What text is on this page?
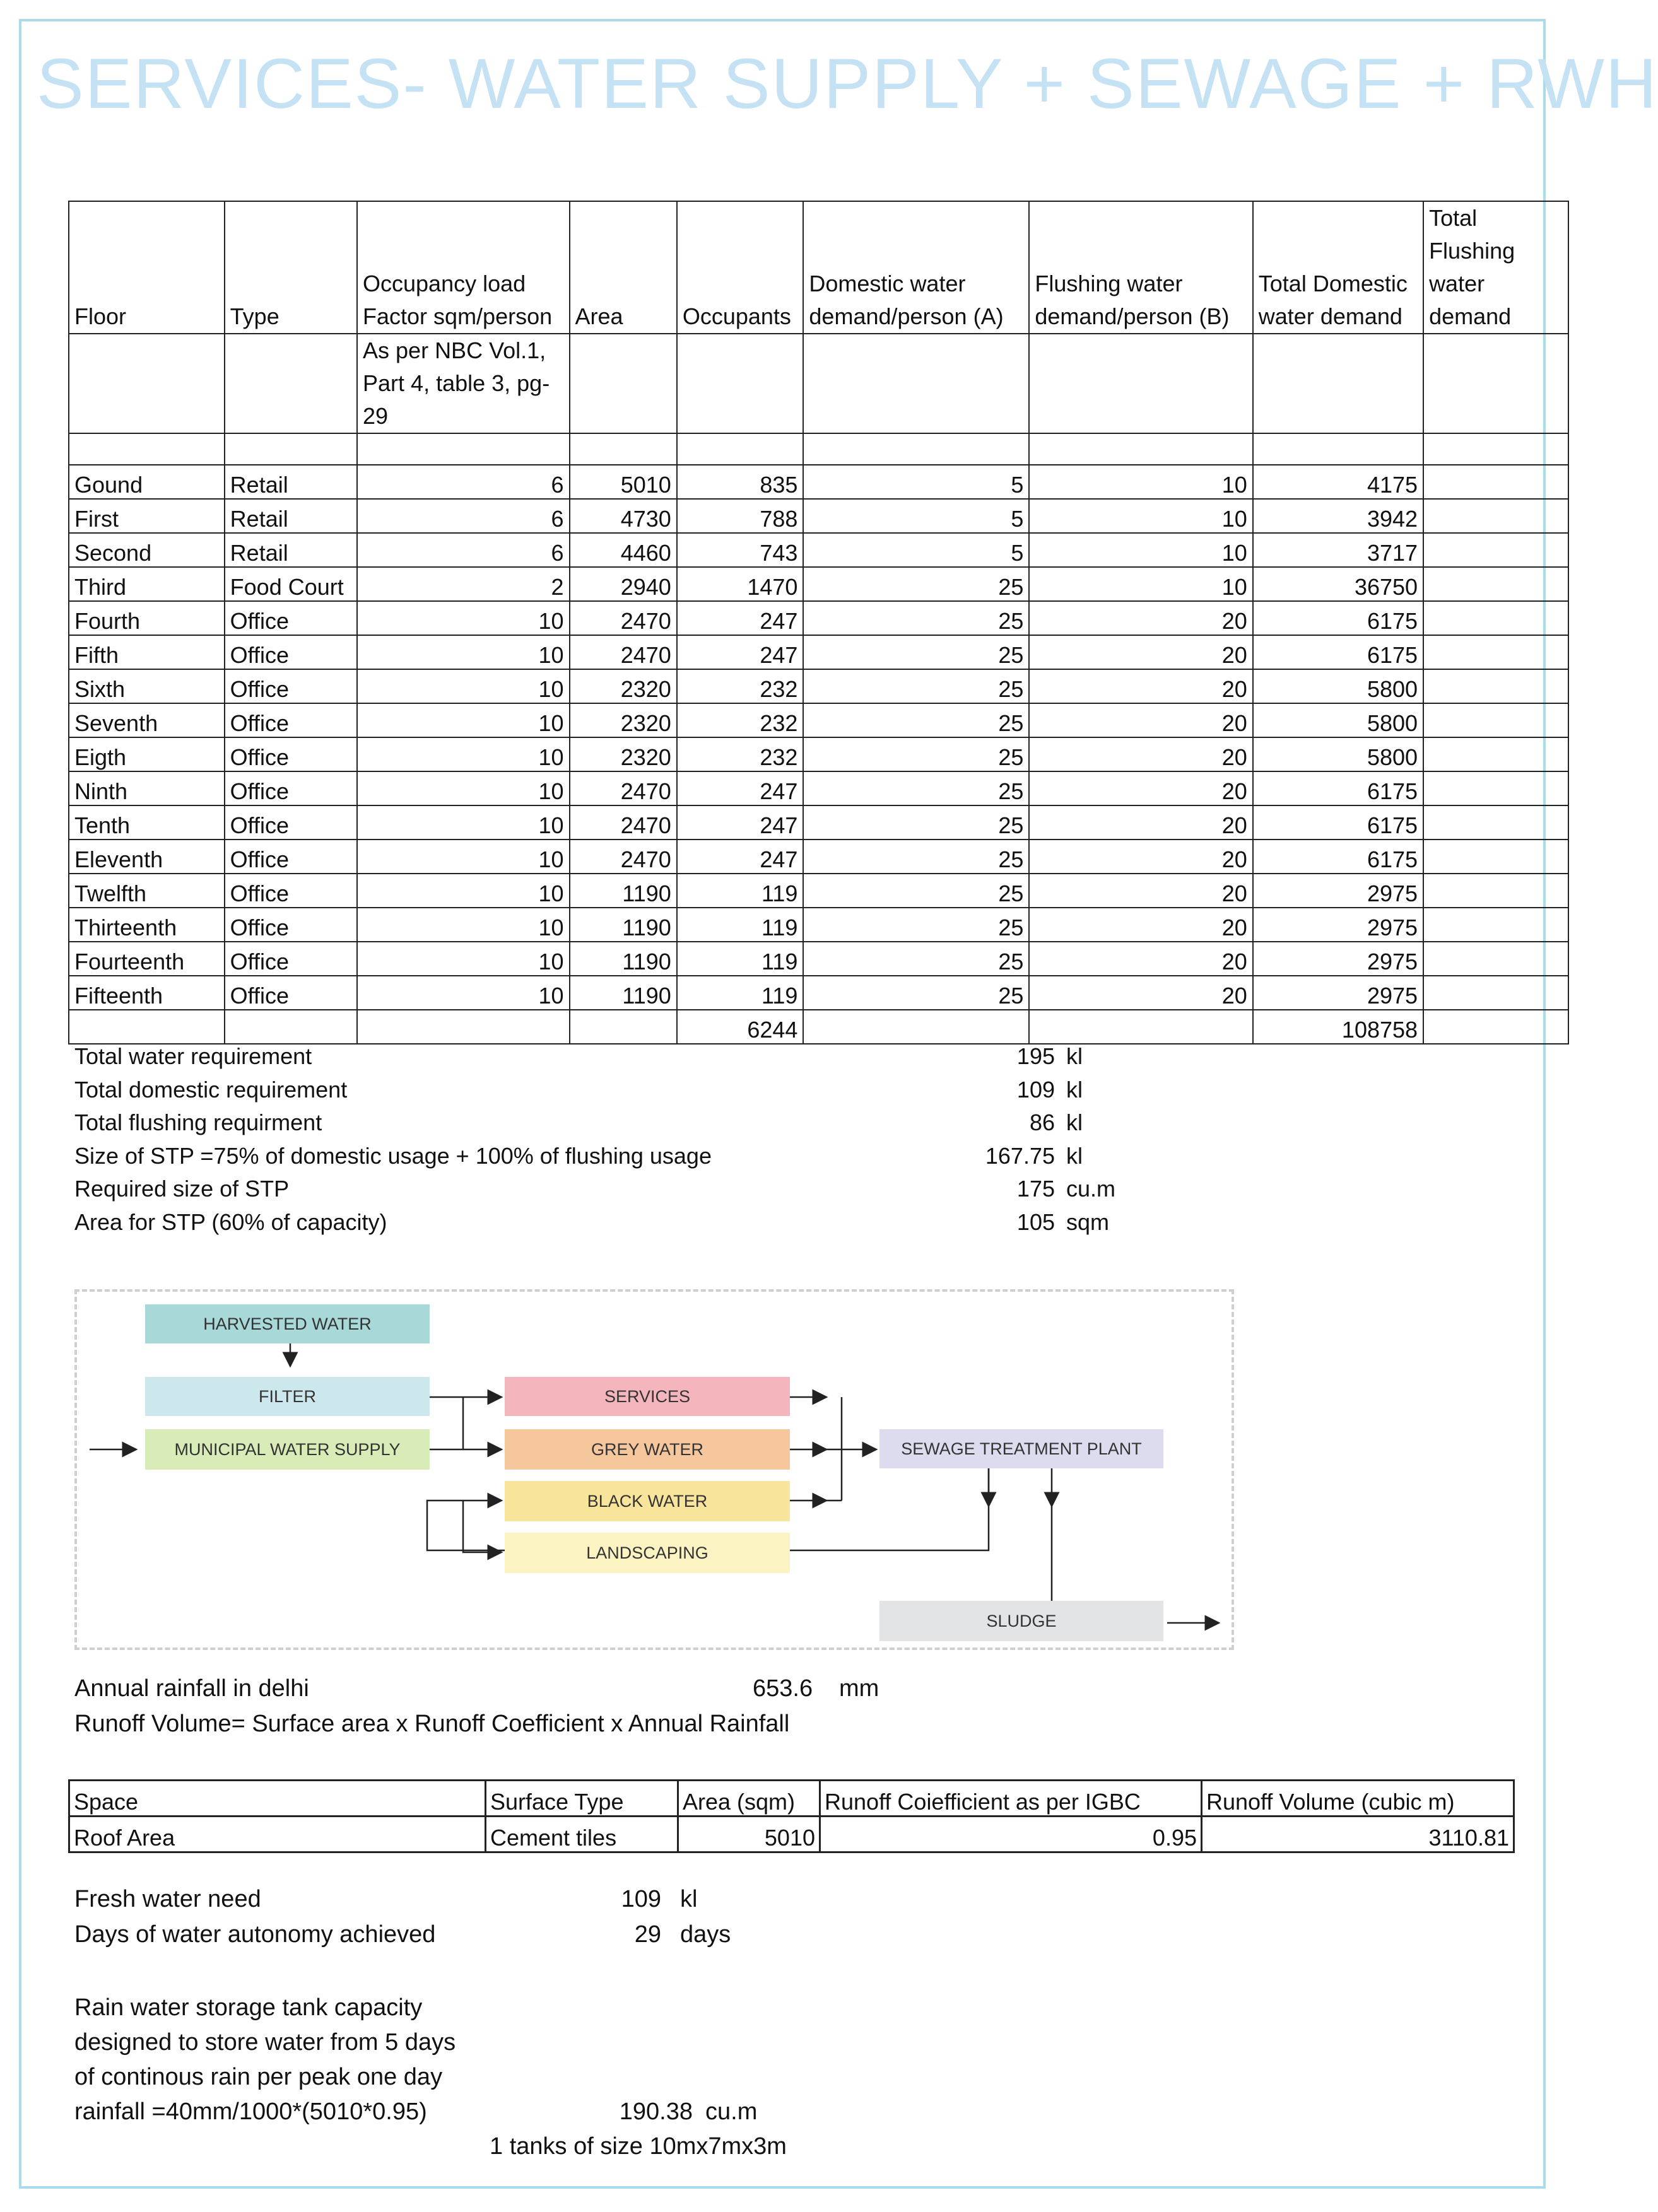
SERVICES- WATER SUPPLY + SEWAGE + RWH
Floor	Type	Occupancy load Factor sqm/person	Area	Occupants	Domestic water demand/person (A)	Flushing water demand/person (B)	Total Domestic water demand	Total Flushing water demand
		As per NBC Vol.1, Part 4, table 3, pg-29						

Gound	Retail	6	5010	835	5	10	4175	
First	Retail	6	4730	788	5	10	3942	
Second	Retail	6	4460	743	5	10	3717	
Third	Food Court	2	2940	1470	25	10	36750	
Fourth	Office	10	2470	247	25	20	6175	
Fifth	Office	10	2470	247	25	20	6175	
Sixth	Office	10	2320	232	25	20	5800	
Seventh	Office	10	2320	232	25	20	5800	
Eigth	Office	10	2320	232	25	20	5800	
Ninth	Office	10	2470	247	25	20	6175	
Tenth	Office	10	2470	247	25	20	6175	
Eleventh	Office	10	2470	247	25	20	6175	
Twelfth	Office	10	1190	119	25	20	2975	
Thirteenth	Office	10	1190	119	25	20	2975	
Fourteenth	Office	10	1190	119	25	20	2975	
Fifteenth	Office	10	1190	119	25	20	2975	
				6244			108758	
Total water requirement	195 kl
Total domestic requirement	109 kl
Total flushing requirment	86 kl
Size of STP =75% of domestic usage + 100% of flushing usage	167.75 kl
Required size of STP	175 cu.m
Area for STP (60% of capacity)	105 sqm
HARVESTED WATER
FILTER
MUNICIPAL WATER SUPPLY
SERVICES
GREY WATER
BLACK WATER
LANDSCAPING
SEWAGE TREATMENT PLANT
SLUDGE
Annual rainfall in delhi	653.6 mm
Runoff Volume= Surface area x Runoff Coefficient x Annual Rainfall
Space	Surface Type	Area (sqm)	Runoff Coiefficient as per IGBC	Runoff Volume (cubic m)
Roof Area	Cement tiles	5010	0.95	3110.81
Fresh water need	109 kl
Days of water autonomy achieved	29 days
Rain water storage tank capacity
designed to store water from 5 days
of continous rain per peak one day
rainfall =40mm/1000*(5010*0.95)	190.38 cu.m
1 tanks of size 10mx7mx3m
